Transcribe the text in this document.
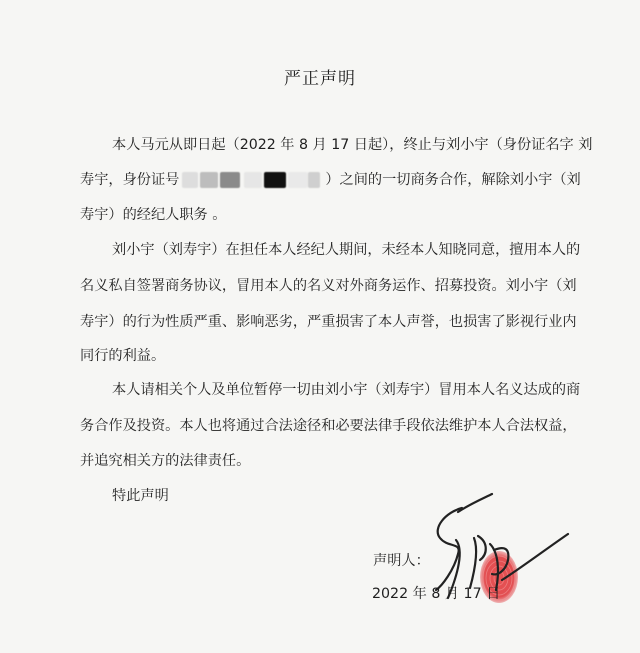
严正声明
本人马元从即日起（2022 年 8 月 17 日起），终止与刘小宇（身份证名字 刘
寿宇，身份证号	）之间的一切商务合作，解除刘小宇（刘
寿宇）的经纪人职务 。
刘小宇（刘寿宇）在担任本人经纪人期间，未经本人知晓同意，擅用本人的
名义私自签署商务协议，冒用本人的名义对外商务运作、招募投资。刘小宇（刘
寿宇）的行为性质严重、影响恶劣，严重损害了本人声誉，也损害了影视行业内
同行的利益。
本人请相关个人及单位暂停一切由刘小宇（刘寿宇）冒用本人名义达成的商
务合作及投资。本人也将通过合法途径和必要法律手段依法维护本人合法权益，
并追究相关方的法律责任。
特此声明
声明人：
2022 年 8 月 17 日
